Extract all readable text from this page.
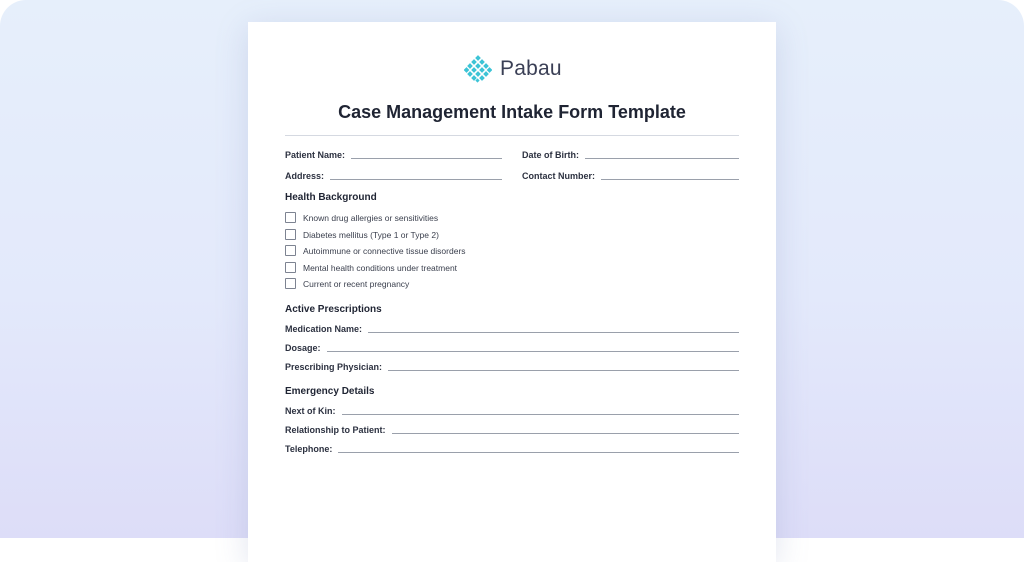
Pabau
Case Management Intake Form Template
Patient Name:	Date of Birth:
Address:	Contact Number:
Health Background
Known drug allergies or sensitivities
Diabetes mellitus (Type 1 or Type 2)
Autoimmune or connective tissue disorders
Mental health conditions under treatment
Current or recent pregnancy
Active Prescriptions
Medication Name:
Dosage:
Prescribing Physician:
Emergency Details
Next of Kin:
Relationship to Patient:
Telephone:
